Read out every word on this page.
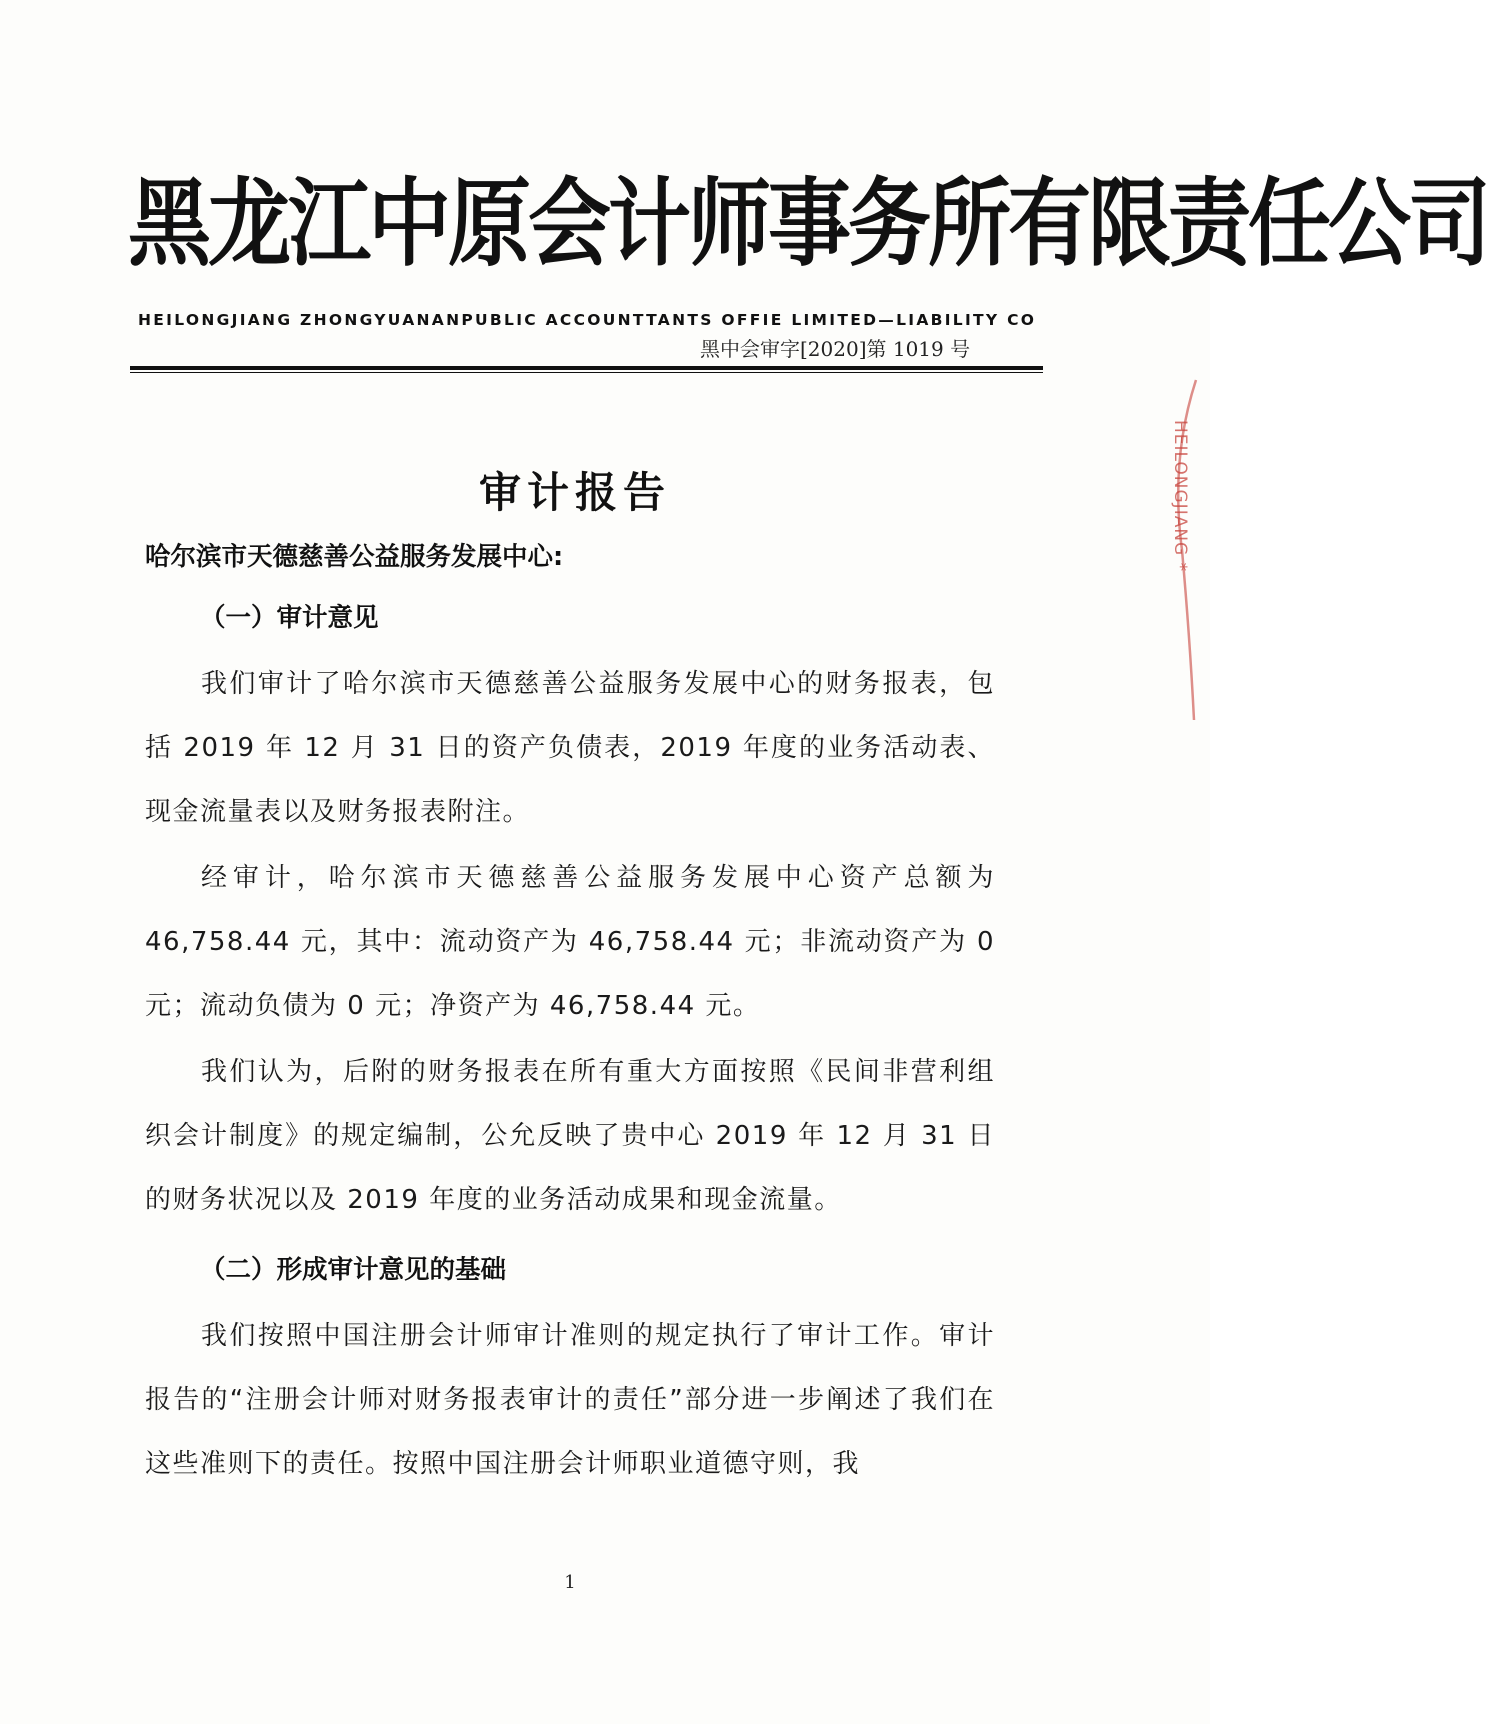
黑龙江中原会计师事务所有限责任公司
HEILONGJIANG ZHONGYUANANPUBLIC ACCOUNTTANTS OFFIE LIMITED—LIABILITY CO
黑中会审字[2020]第 1019 号
审计报告
哈尔滨市天德慈善公益服务发展中心:
（一）审计意见
我们审计了哈尔滨市天德慈善公益服务发展中心的财务报表，包括 2019 年 12 月 31 日的资产负债表，2019 年度的业务活动表、现金流量表以及财务报表附注。
经审计，哈尔滨市天德慈善公益服务发展中心资产总额为 46,758.44 元，其中：流动资产为 46,758.44 元；非流动资产为 0 元；流动负债为 0 元；净资产为 46,758.44 元。
我们认为，后附的财务报表在所有重大方面按照《民间非营利组织会计制度》的规定编制，公允反映了贵中心 2019 年 12 月 31 日的财务状况以及 2019 年度的业务活动成果和现金流量。
（二）形成审计意见的基础
我们按照中国注册会计师审计准则的规定执行了审计工作。审计报告的“注册会计师对财务报表审计的责任”部分进一步阐述了我们在这些准则下的责任。按照中国注册会计师职业道德守则，我
1
HEILONGJIANG *
